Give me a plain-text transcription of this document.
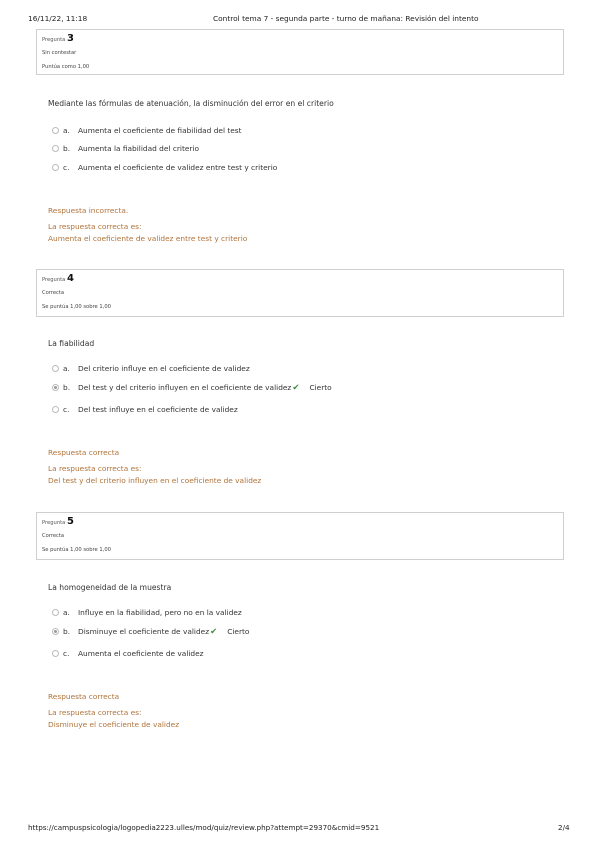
16/11/22, 11:18	Control tema 7 - segunda parte - turno de mañana: Revisión del intento
Pregunta 3
Sin contestar
Puntúa como 1,00
Mediante las fórmulas de atenuación, la disminución del error en el criterio
a. Aumenta el coeficiente de fiabilidad del test
b. Aumenta la fiabilidad del criterio
c. Aumenta el coeficiente de validez entre test y criterio
Respuesta incorrecta.
La respuesta correcta es:
Aumenta el coeficiente de validez entre test y criterio
Pregunta 4
Correcta
Se puntúa 1,00 sobre 1,00
La fiabilidad
a. Del criterio influye en el coeficiente de validez
b. Del test y del criterio influyen en el coeficiente de validez✔ Cierto
c. Del test influye en el coeficiente de validez
Respuesta correcta
La respuesta correcta es:
Del test y del criterio influyen en el coeficiente de validez
Pregunta 5
Correcta
Se puntúa 1,00 sobre 1,00
La homogeneidad de la muestra
a. Influye en la fiabilidad, pero no en la validez
b. Disminuye el coeficiente de validez✔ Cierto
c. Aumenta el coeficiente de validez
Respuesta correcta
La respuesta correcta es:
Disminuye el coeficiente de validez
https://campuspsicologia/logopedia2223.ulles/mod/quiz/review.php?attempt=29370&cmid=9521	2/4
